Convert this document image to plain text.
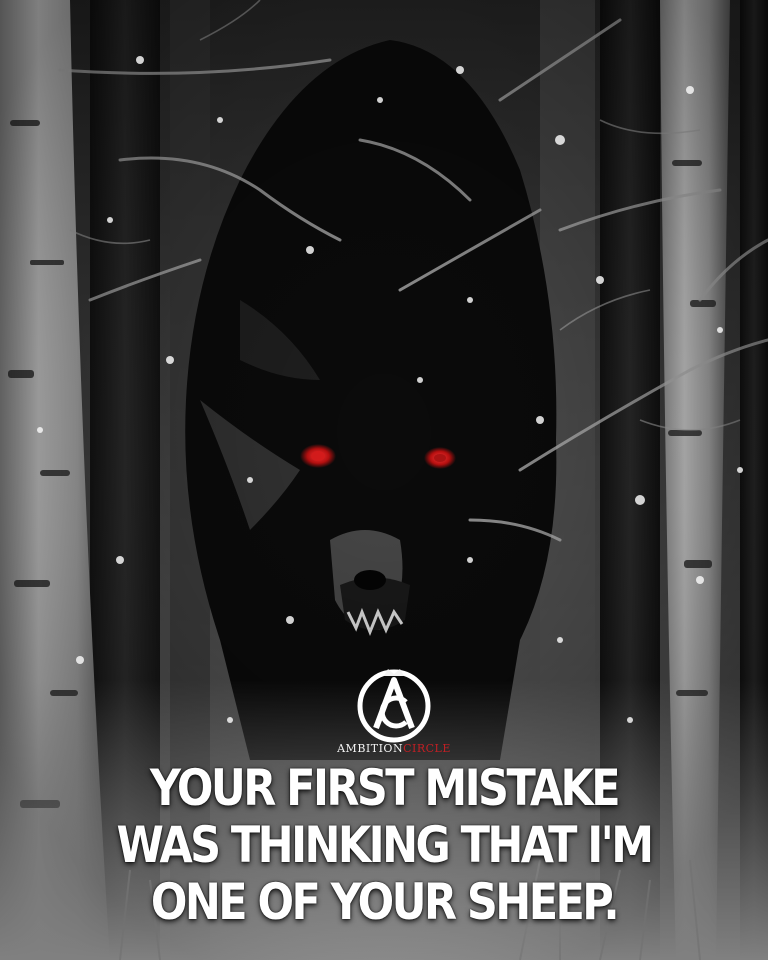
AMBITIONCIRCLE
YOUR FIRST MISTAKE
WAS THINKING THAT I'M
ONE OF YOUR SHEEP.
